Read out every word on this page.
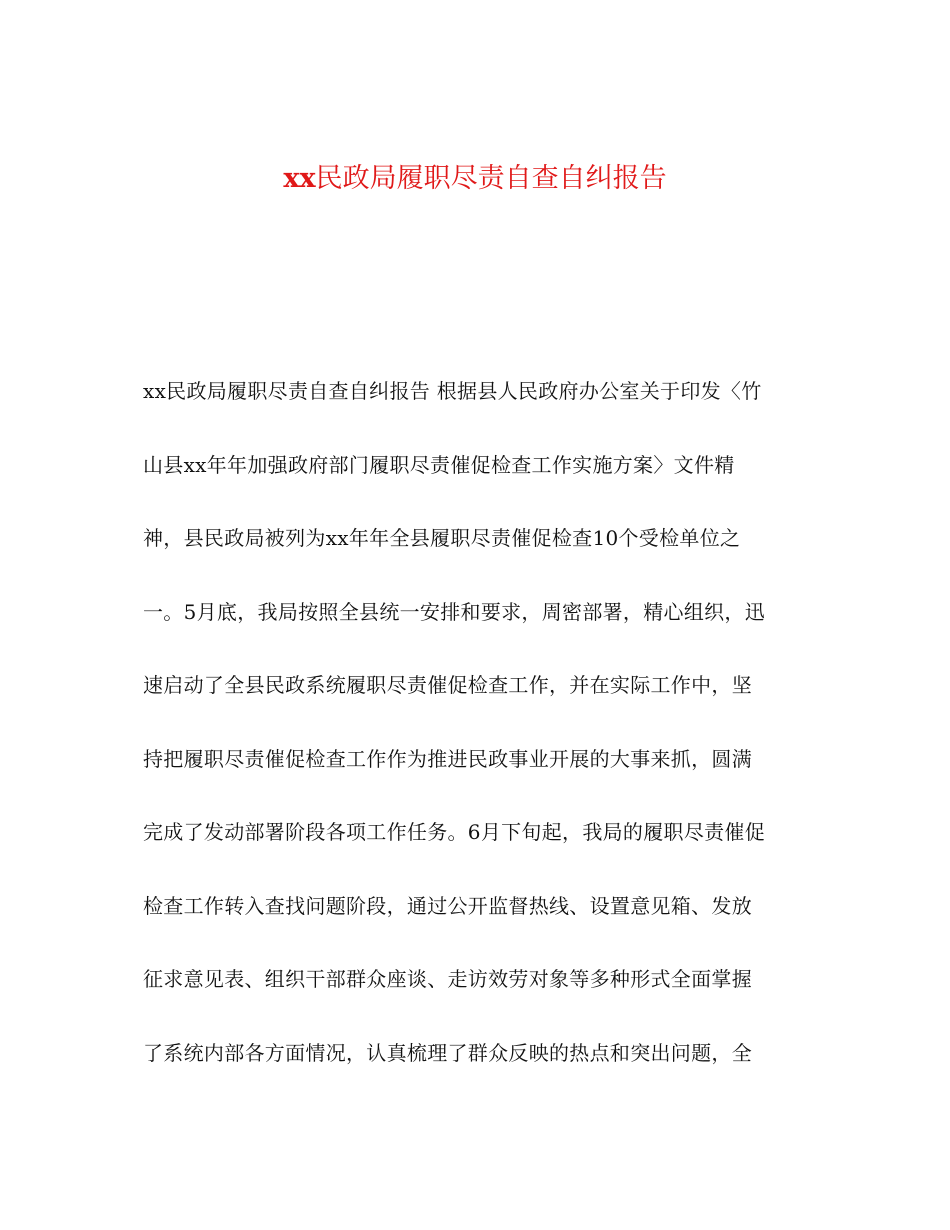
xx民政局履职尽责自查自纠报告
xx民政局履职尽责自查自纠报告 根据县人民政府办公室关于印发〈竹
山县xx年年加强政府部门履职尽责催促检查工作实施方案〉文件精
神，县民政局被列为xx年年全县履职尽责催促检查10个受检单位之
一。5月底，我局按照全县统一安排和要求，周密部署，精心组织，迅
速启动了全县民政系统履职尽责催促检查工作，并在实际工作中，坚
持把履职尽责催促检查工作作为推进民政事业开展的大事来抓，圆满
完成了发动部署阶段各项工作任务。6月下旬起，我局的履职尽责催促
检查工作转入查找问题阶段，通过公开监督热线、设置意见箱、发放
征求意见表、组织干部群众座谈、走访效劳对象等多种形式全面掌握
了系统内部各方面情况，认真梳理了群众反映的热点和突出问题，全
